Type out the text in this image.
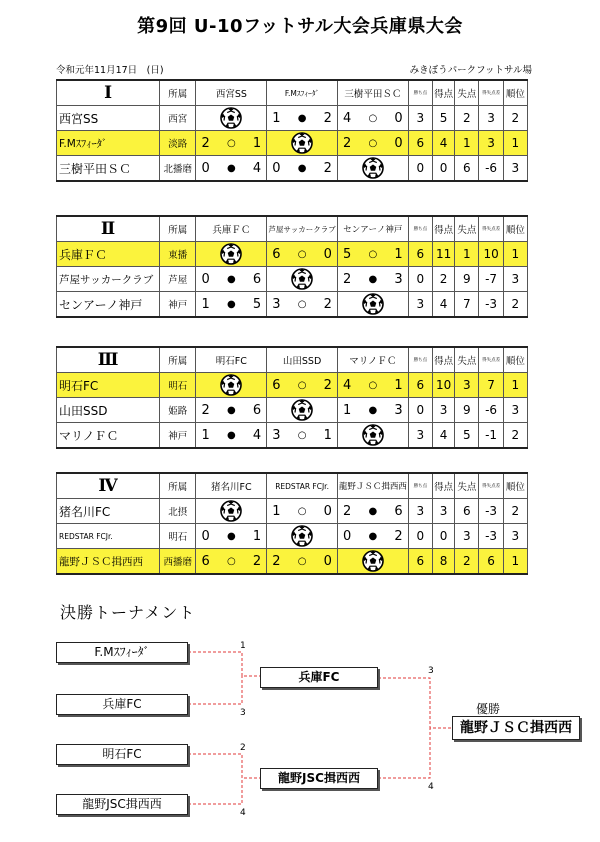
第9回 U-10フットサル大会兵庫県大会
令和元年11月17日　(日)	みきぼうパークフットサル場
I	所属	西宮SS	F.Mｽﾌｨｰﾀﾞ	三樹平田ＳＣ	勝ち点	得点	失点	得失点差	順位
西宮SS	西宮		1 ● 2	4 ○ 0	3	5	2	3	2
F.Mｽﾌｨｰﾀﾞ	淡路	2 ○ 1		2 ○ 0	6	4	1	3	1
三樹平田ＳＣ	北播磨	0 ● 4	0 ● 2		0	0	6	-6	3
Ⅱ	所属	兵庫ＦＣ	芦屋サッカークラブ	センアーノ神戸	勝ち点	得点	失点	得失点差	順位
兵庫ＦＣ	東播		6 ○ 0	5 ○ 1	6	11	1	10	1
芦屋サッカークラブ	芦屋	0 ● 6		2 ● 3	0	2	9	-7	3
センアーノ神戸	神戸	1 ● 5	3 ○ 2		3	4	7	-3	2
Ⅲ	所属	明石FC	山田SSD	マリノＦＣ	勝ち点	得点	失点	得失点差	順位
明石FC	明石		6 ○ 2	4 ○ 1	6	10	3	7	1
山田SSD	姫路	2 ● 6		1 ● 3	0	3	9	-6	3
マリノＦＣ	神戸	1 ● 4	3 ○ 1		3	4	5	-1	2
Ⅳ	所属	猪名川FC	REDSTAR FCJr.	龍野ＪＳＣ揖西西	勝ち点	得点	失点	得失点差	順位
猪名川FC	北摂		1 ○ 0	2 ● 6	3	3	6	-3	2
REDSTAR FCJr.	明石	0 ● 1		0 ● 2	0	0	3	-3	3
龍野ＪＳＣ揖西西	西播磨	6 ○ 2	2 ○ 0		6	8	2	6	1
決勝トーナメント
F.Mｽﾌｨｰﾀﾞ
兵庫FC
明石FC
龍野JSC揖西西
1
3
2
4
兵庫FC
龍野JSC揖西西
3
4
優勝
龍野ＪＳＣ揖西西
